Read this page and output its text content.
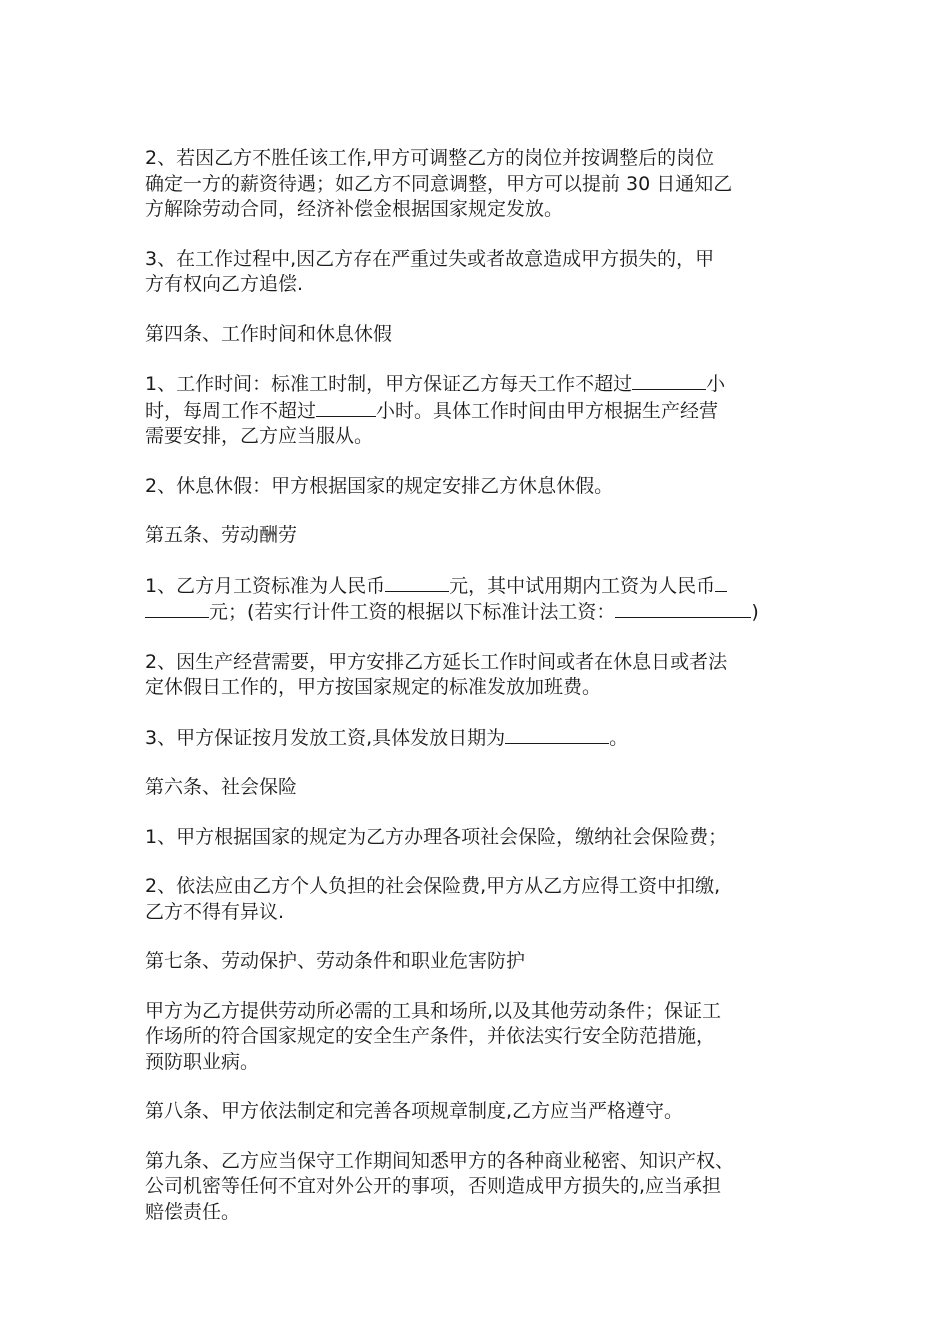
2、若因乙方不胜任该工作,甲方可调整乙方的岗位并按调整后的岗位
确定一方的薪资待遇；如乙方不同意调整，甲方可以提前 30 日通知乙
方解除劳动合同，经济补偿金根据国家规定发放。
3、在工作过程中,因乙方存在严重过失或者故意造成甲方损失的，甲
方有权向乙方追偿.
第四条、工作时间和休息休假
1、工作时间：标准工时制，甲方保证乙方每天工作不超过	小
时，每周工作不超过	小时。具体工作时间由甲方根据生产经营
需要安排，乙方应当服从。
2、休息休假：甲方根据国家的规定安排乙方休息休假。
第五条、劳动酬劳
1、乙方月工资标准为人民币	元，其中试用期内工资为人民币
元；(若实行计件工资的根据以下标准计法工资：	)
2、因生产经营需要，甲方安排乙方延长工作时间或者在休息日或者法
定休假日工作的，甲方按国家规定的标准发放加班费。
3、甲方保证按月发放工资,具体发放日期为	。
第六条、社会保险
1、甲方根据国家的规定为乙方办理各项社会保险，缴纳社会保险费；
2、依法应由乙方个人负担的社会保险费,甲方从乙方应得工资中扣缴,
乙方不得有异议.
第七条、劳动保护、劳动条件和职业危害防护
甲方为乙方提供劳动所必需的工具和场所,以及其他劳动条件；保证工
作场所的符合国家规定的安全生产条件，并依法实行安全防范措施，
预防职业病。
第八条、甲方依法制定和完善各项规章制度,乙方应当严格遵守。
第九条、乙方应当保守工作期间知悉甲方的各种商业秘密、知识产权、
公司机密等任何不宜对外公开的事项，否则造成甲方损失的,应当承担
赔偿责任。
